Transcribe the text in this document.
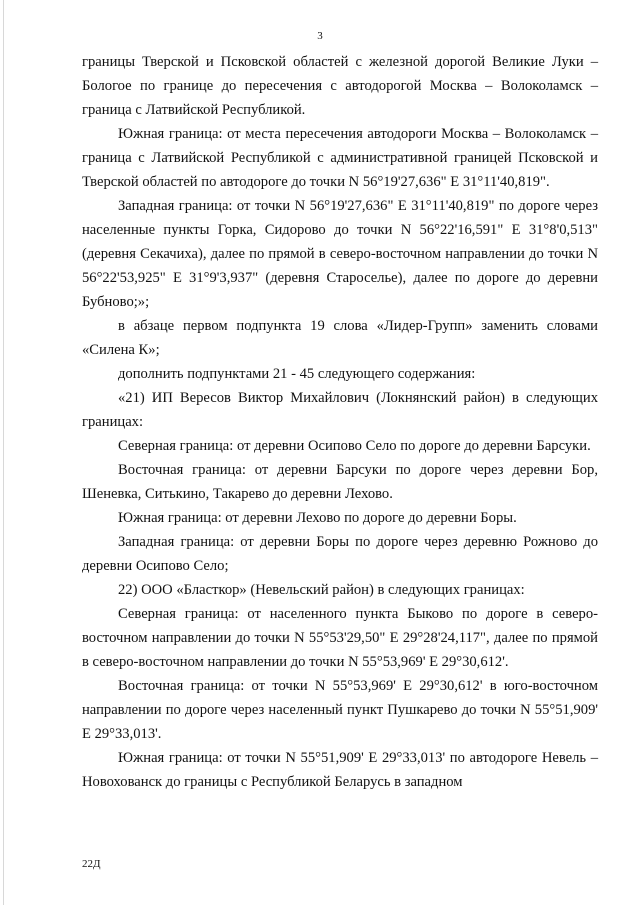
3

границы Тверской и Псковской областей с железной дорогой Великие Луки – Бологое по границе до пересечения с автодорогой Москва – Волоколамск – граница с Латвийской Республикой.

Южная граница: от места пересечения автодороги Москва – Волоколамск – граница с Латвийской Республикой с административной границей Псковской и Тверской областей по автодороге до точки N 56°19'27,636" E 31°11'40,819".

Западная граница: от точки N 56°19'27,636" E 31°11'40,819" по дороге через населенные пункты Горка, Сидорово до точки N 56°22'16,591" E 31°8'0,513" (деревня Секачиха), далее по прямой в северо-восточном направлении до точки N 56°22'53,925" E 31°9'3,937" (деревня Староселье), далее по дороге до деревни Бубново;»;

в абзаце первом подпункта 19 слова «Лидер-Групп» заменить словами «Силена К»;

дополнить подпунктами 21 - 45 следующего содержания:

«21) ИП Вересов Виктор Михайлович (Локнянский район) в следующих границах:

Северная граница: от деревни Осипово Село по дороге до деревни Барсуки.

Восточная граница: от деревни Барсуки по дороге через деревни Бор, Шеневка, Ситькино, Такарево до деревни Лехово.

Южная граница: от деревни Лехово по дороге до деревни Боры.

Западная граница: от деревни Боры по дороге через деревню Рожново до деревни Осипово Село;

22) ООО «Бласткор» (Невельский район) в следующих границах:

Северная граница: от населенного пункта Быково по дороге в северо-восточном направлении до точки N 55°53'29,50" E 29°28'24,117", далее по прямой в северо-восточном направлении до точки N 55°53,969' E 29°30,612'.

Восточная граница: от точки N 55°53,969' E 29°30,612' в юго-восточном направлении по дороге через населенный пункт Пушкарево до точки N 55°51,909' E 29°33,013'.

Южная граница: от точки N 55°51,909' E 29°33,013' по автодороге Невель – Новохованск до границы с Республикой Беларусь в западном

22Д
